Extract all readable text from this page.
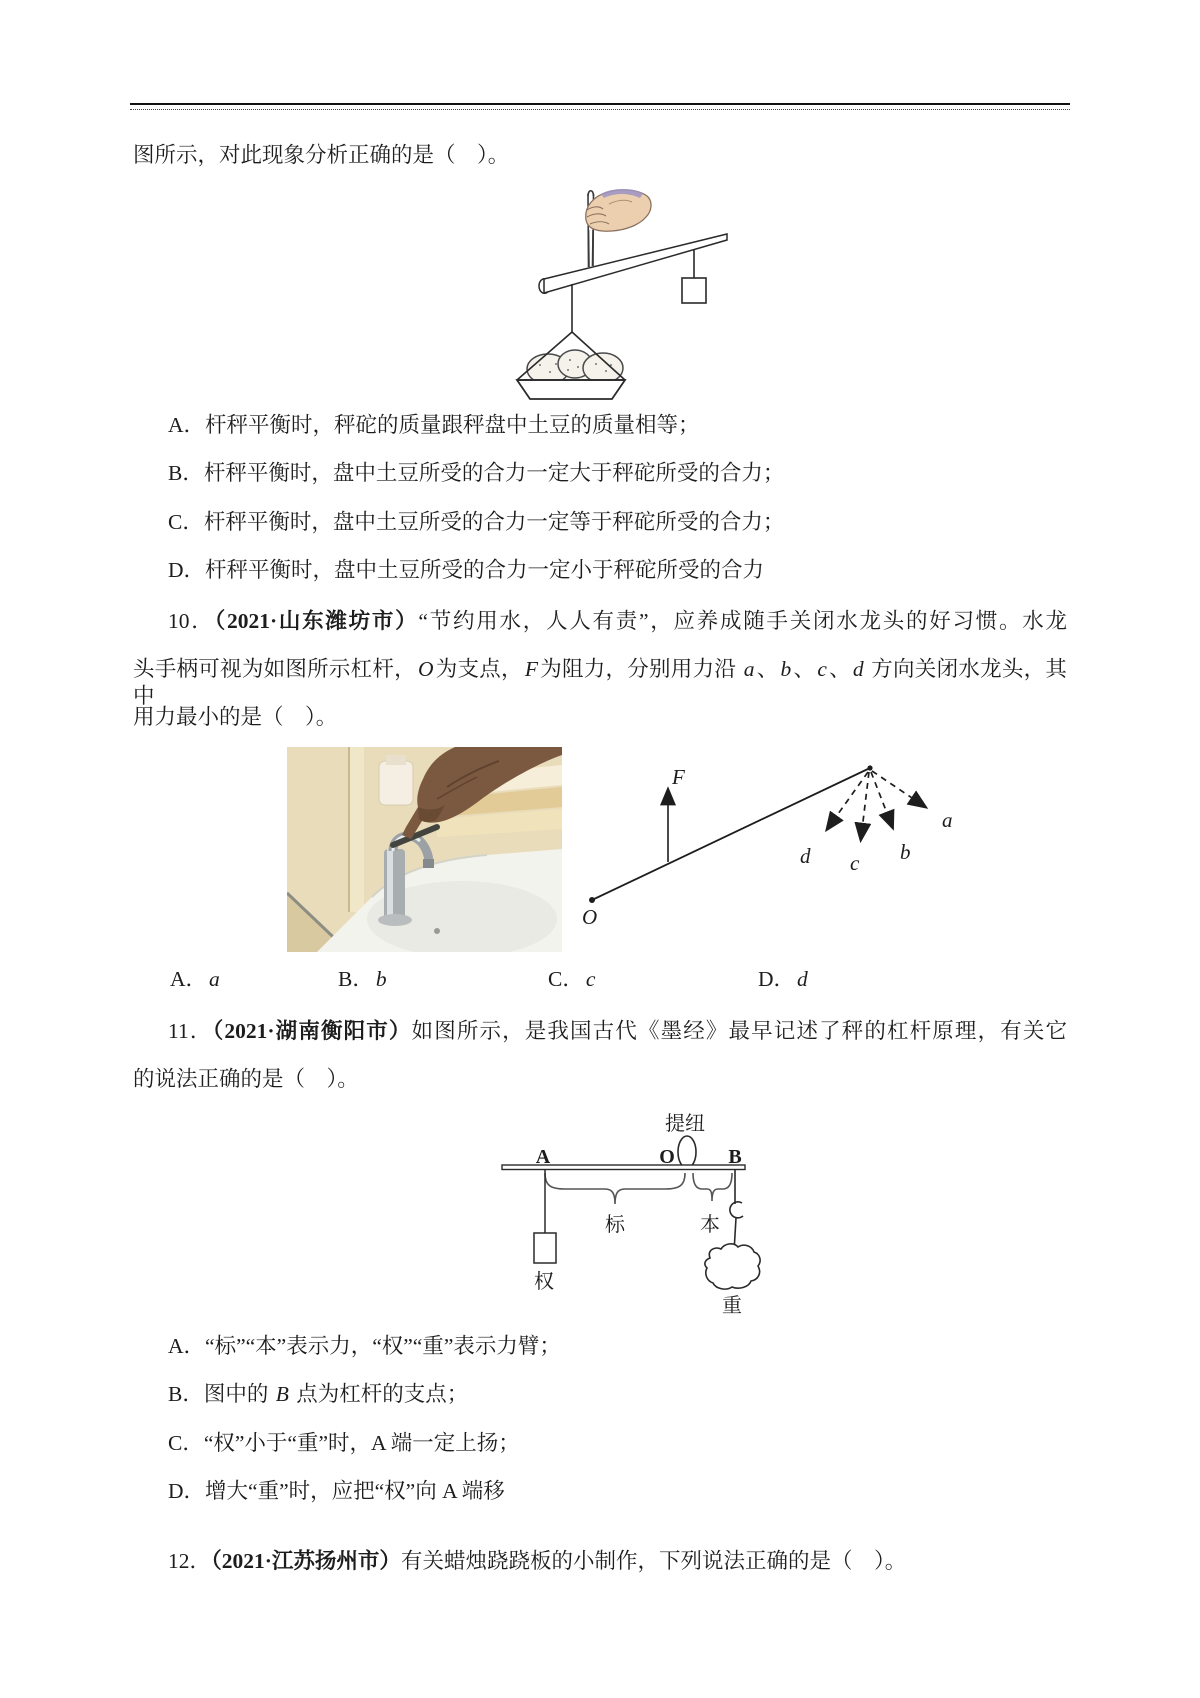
图所示，对此现象分析正确的是（　）。
A．杆秤平衡时，秤砣的质量跟秤盘中土豆的质量相等；
B．杆秤平衡时，盘中土豆所受的合力一定大于秤砣所受的合力；
C．杆秤平衡时，盘中土豆所受的合力一定等于秤砣所受的合力；
D．杆秤平衡时，盘中土豆所受的合力一定小于秤砣所受的合力
10．（2021·山东潍坊市）“节约用水，人人有责”，应养成随手关闭水龙头的好习惯。水龙
头手柄可视为如图所示杠杆，O为支点，F为阻力，分别用力沿 a、b、c、d 方向关闭水龙头，其中
用力最小的是（　）。
F
O
a
b
c
d
A．a	B．b	C．c	D．d
11．（2021·湖南衡阳市）如图所示，是我国古代《墨经》最早记述了秤的杠杆原理，有关它
的说法正确的是（　）。
提纽
A	O	B
标	本
权
重
A．“标”“本”表示力，“权”“重”表示力臂；
B．图中的 B 点为杠杆的支点；
C．“权”小于“重”时，A 端一定上扬；
D．增大“重”时，应把“权”向 A 端移
12．（2021·江苏扬州市）有关蜡烛跷跷板的小制作，下列说法正确的是（　）。
